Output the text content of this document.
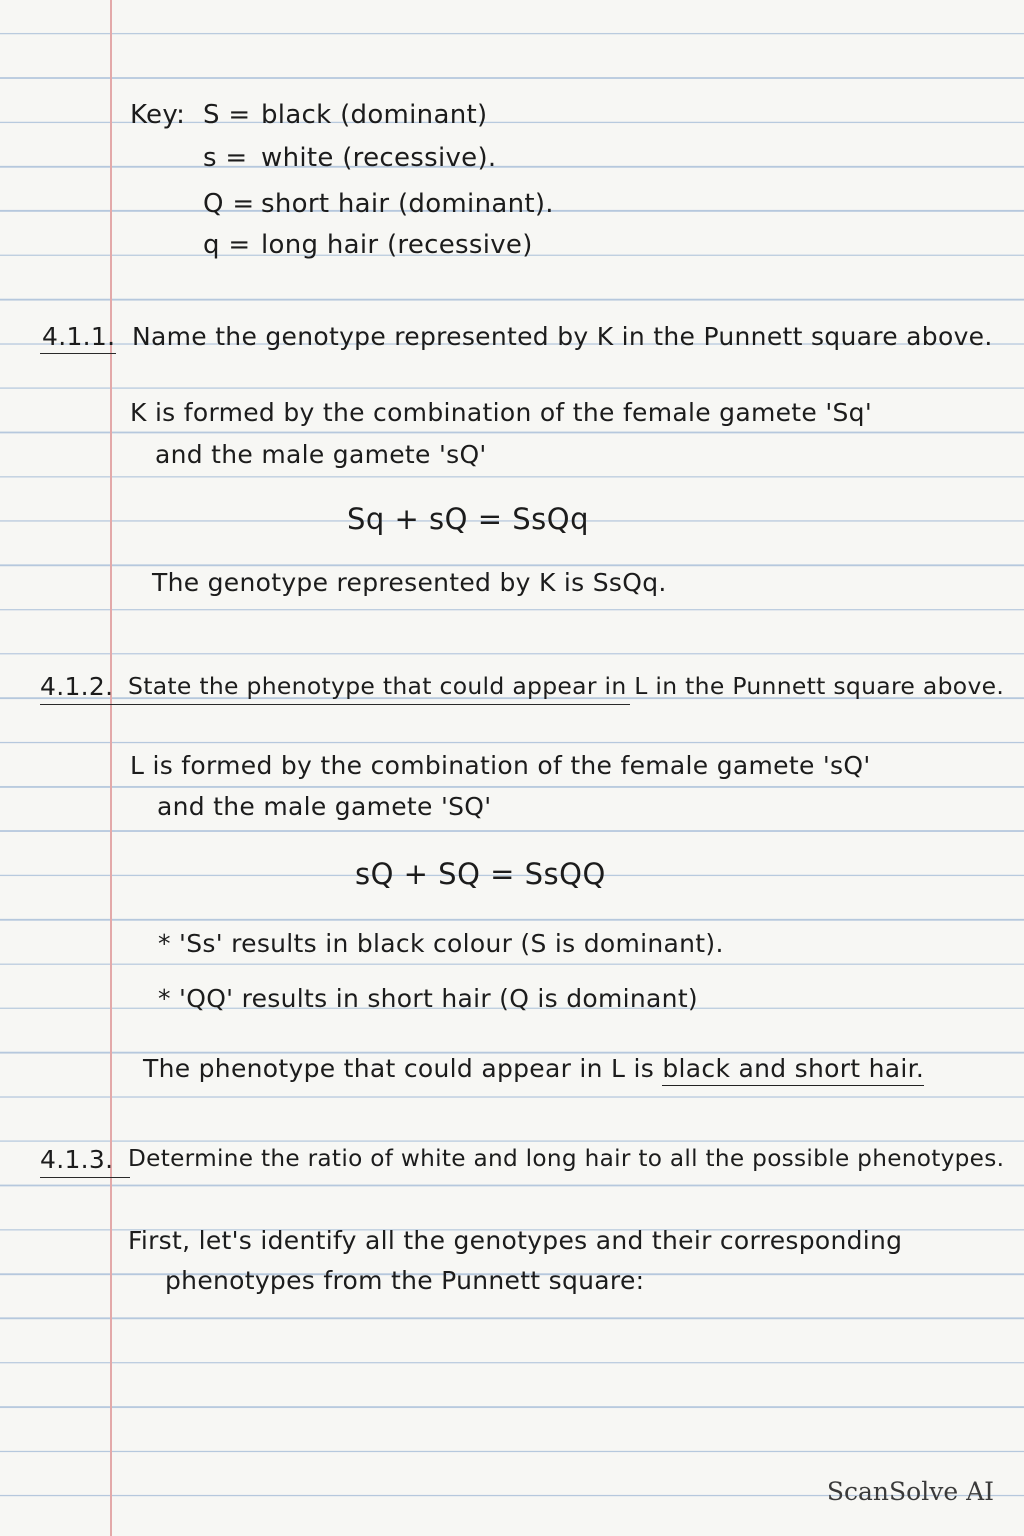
Key: S = black (dominant)
s = white (recessive).
Q = short hair (dominant).
q = long hair (recessive)
4.1.1. Name the genotype represented by K in the Punnett square above.
K is formed by the combination of the female gamete 'Sq'
and the male gamete 'sQ'
Sq + sQ = SsQq
The genotype represented by K is SsQq.
4.1.2. State the phenotype that could appear in L in the Punnett square above.
L is formed by the combination of the female gamete 'sQ'
and the male gamete 'SQ'
sQ + SQ = SsQQ
* 'Ss' results in black colour (S is dominant).
* 'QQ' results in short hair (Q is dominant)
The phenotype that could appear in L is black and short hair.
4.1.3. Determine the ratio of white and long hair to all the possible phenotypes.
First, let's identify all the genotypes and their corresponding
phenotypes from the Punnett square:
ScanSolve AI
